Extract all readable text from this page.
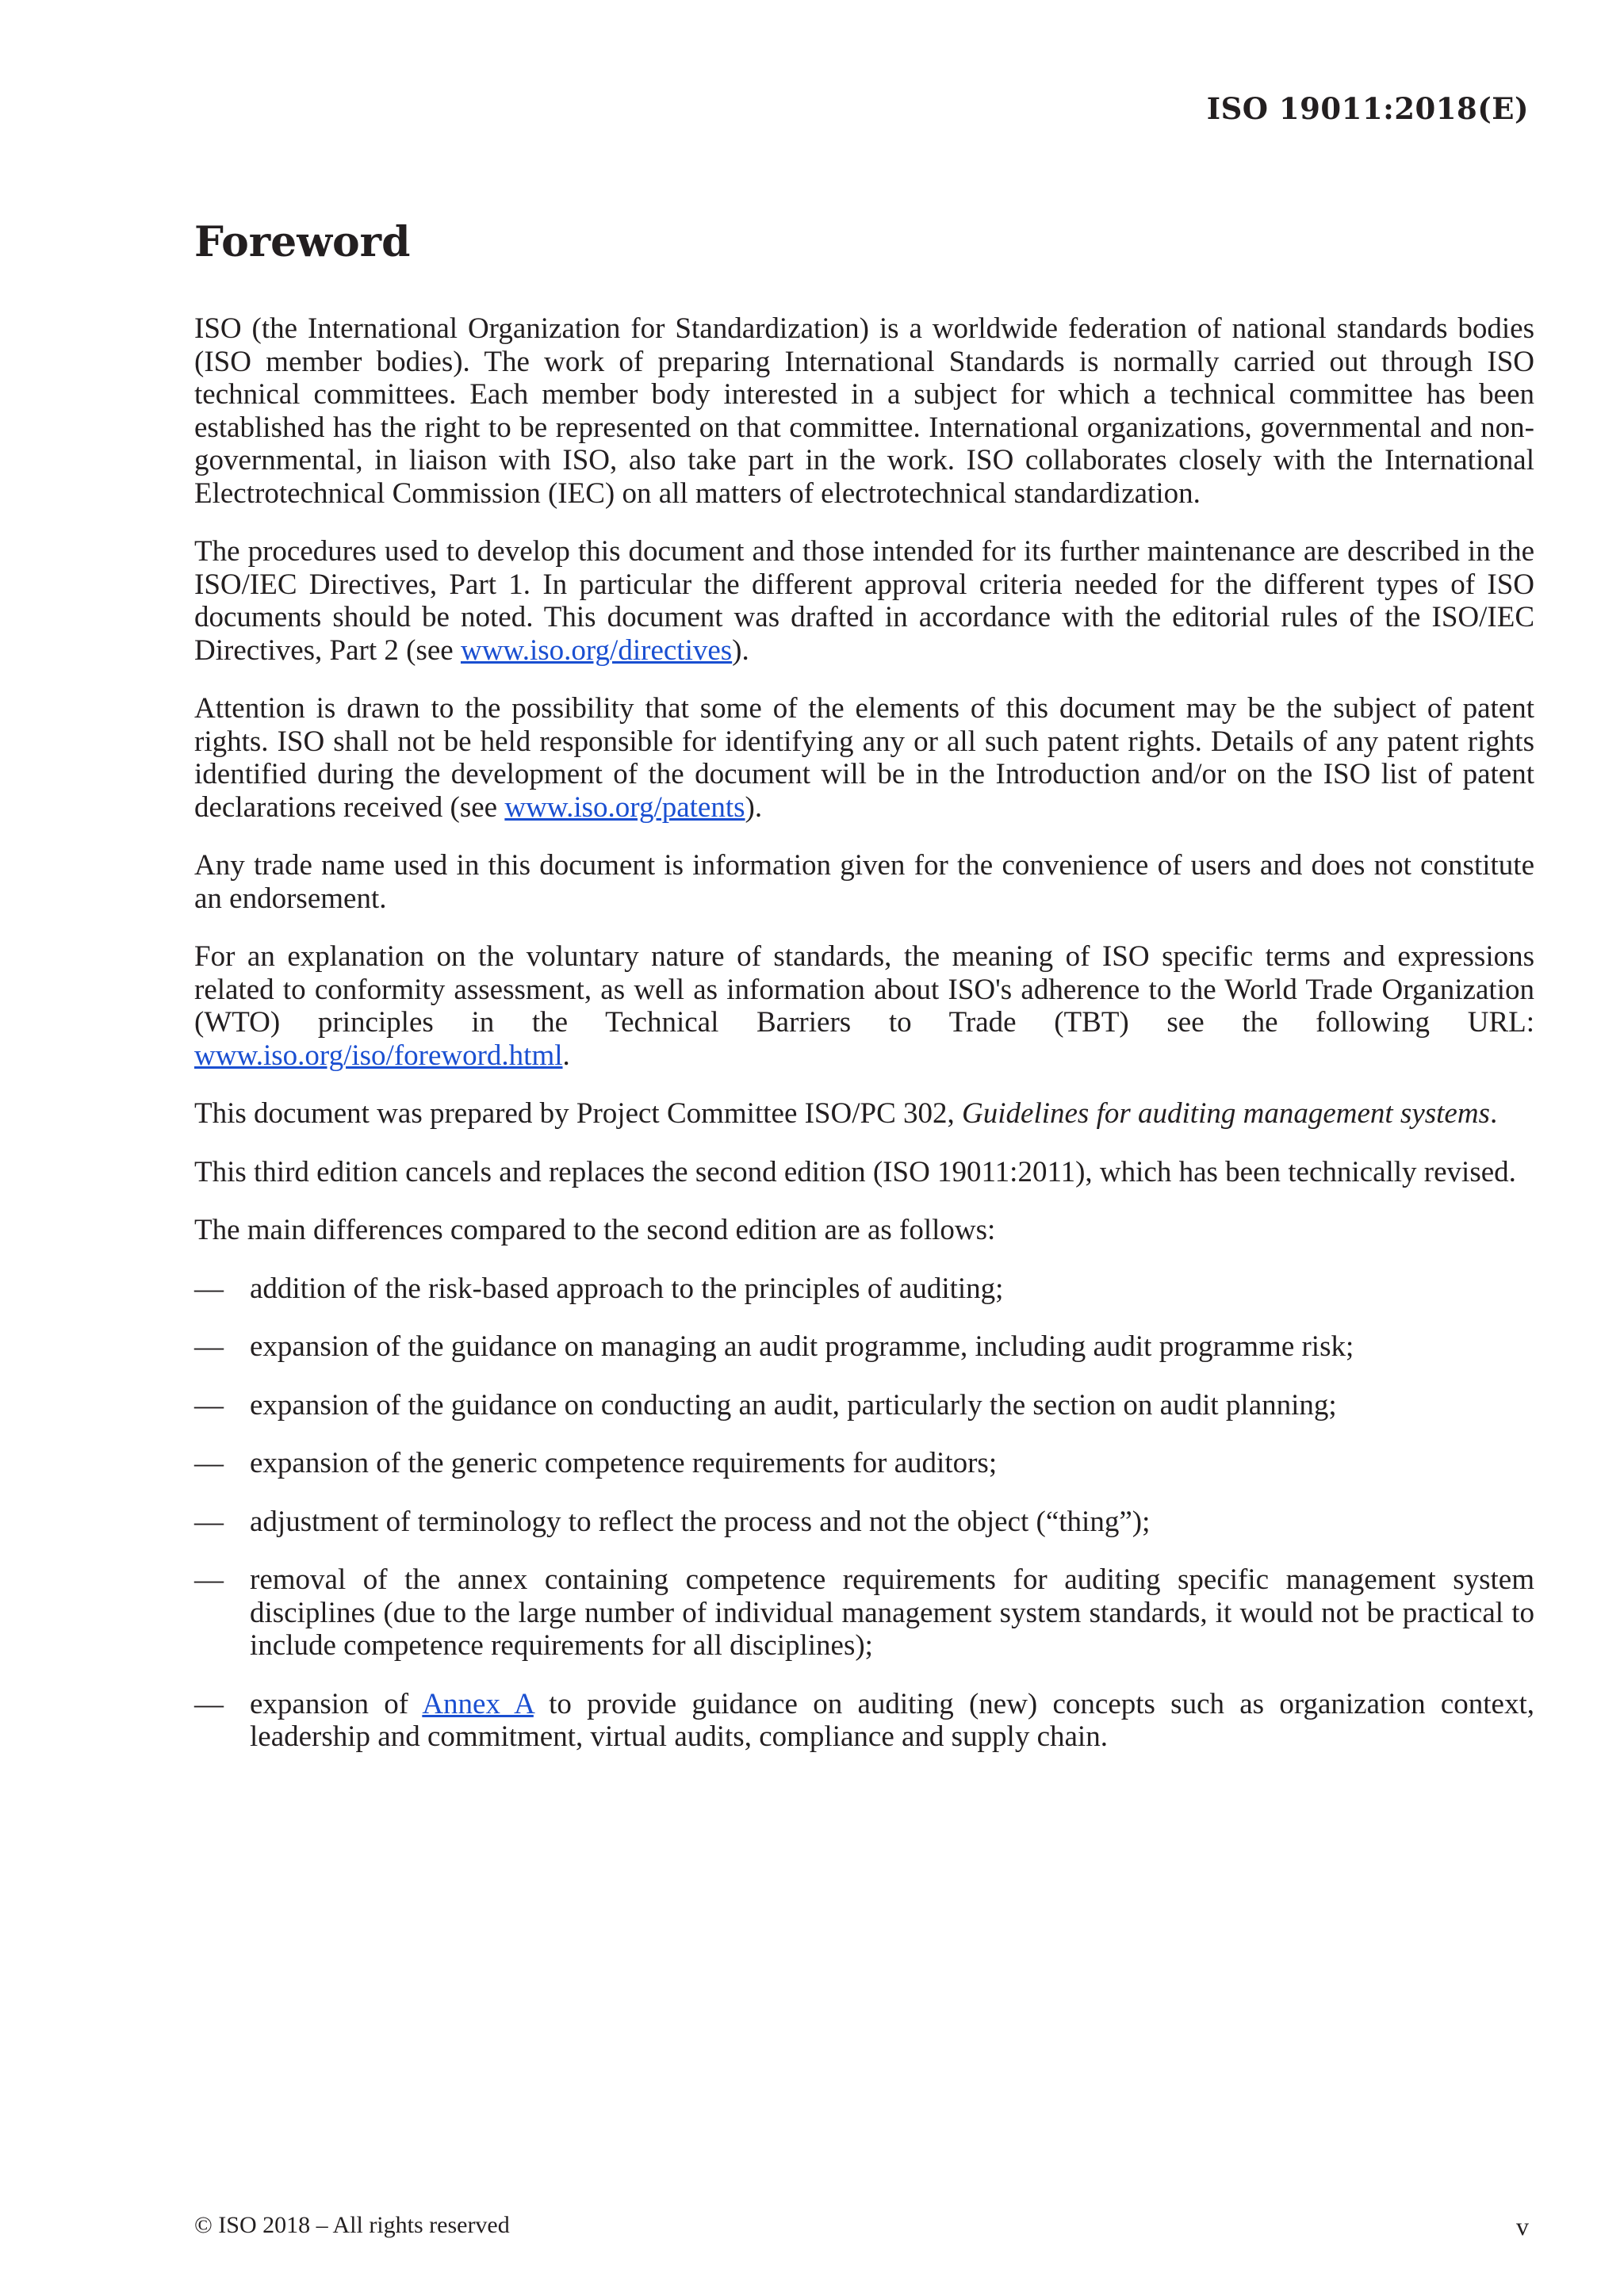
ISO 19011:2018(E)
Foreword

ISO (the International Organization for Standardization) is a worldwide federation of national standards bodies (ISO member bodies). The work of preparing International Standards is normally carried out through ISO technical committees. Each member body interested in a subject for which a technical committee has been established has the right to be represented on that committee. International organizations, governmental and non-governmental, in liaison with ISO, also take part in the work. ISO collaborates closely with the International Electrotechnical Commission (IEC) on all matters of electrotechnical standardization.

The procedures used to develop this document and those intended for its further maintenance are described in the ISO/IEC Directives, Part 1. In particular the different approval criteria needed for the different types of ISO documents should be noted. This document was drafted in accordance with the editorial rules of the ISO/IEC Directives, Part 2 (see www.iso.org/directives).

Attention is drawn to the possibility that some of the elements of this document may be the subject of patent rights. ISO shall not be held responsible for identifying any or all such patent rights. Details of any patent rights identified during the development of the document will be in the Introduction and/or on the ISO list of patent declarations received (see www.iso.org/patents).

Any trade name used in this document is information given for the convenience of users and does not constitute an endorsement.

For an explanation on the voluntary nature of standards, the meaning of ISO specific terms and expressions related to conformity assessment, as well as information about ISO's adherence to the World Trade Organization (WTO) principles in the Technical Barriers to Trade (TBT) see the following URL: www.iso.org/iso/foreword.html.

This document was prepared by Project Committee ISO/PC 302, Guidelines for auditing management systems.

This third edition cancels and replaces the second edition (ISO 19011:2011), which has been technically revised.

The main differences compared to the second edition are as follows:

— addition of the risk-based approach to the principles of auditing;
— expansion of the guidance on managing an audit programme, including audit programme risk;
— expansion of the guidance on conducting an audit, particularly the section on audit planning;
— expansion of the generic competence requirements for auditors;
— adjustment of terminology to reflect the process and not the object (“thing”);
— removal of the annex containing competence requirements for auditing specific management system disciplines (due to the large number of individual management system standards, it would not be practical to include competence requirements for all disciplines);
— expansion of Annex A to provide guidance on auditing (new) concepts such as organization context, leadership and commitment, virtual audits, compliance and supply chain.
© ISO 2018 – All rights reserved	v
